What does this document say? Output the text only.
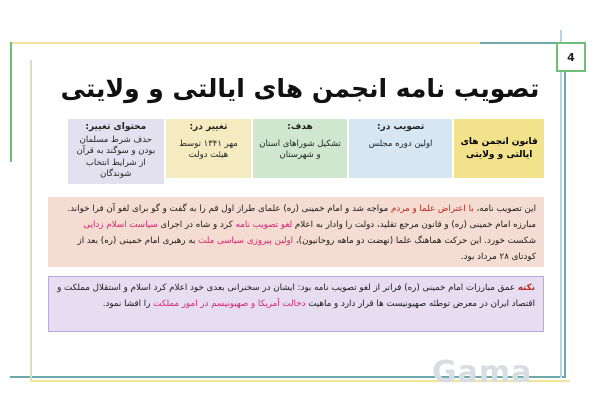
4
تصویب نامه انجمن های ایالتی و ولایتی
قانون انجمن های ایالتی و ولایتی
تصویب در:
اولین دوره مجلس
هدف:
تشکیل شوراهای استان و شهرستان
تغییر در:
مهر ۱۳۴۱ توسط هیئت دولت
محتوای تغییر:
حذف شرط مسلمان بودن و سوگند به قرآن از شرایط انتخاب شوندگان
این تصویب نامه، با اعتراض علما و مردم مواجه شد و امام خمینی (ره) علمای طراز اول قم را به گفت و گو برای لغو آن فرا خواند. مبارزه امام خمینی (ره) و قانون مرجع تقلید، دولت را وادار به اعلام لغو تصویب نامه کرد و شاه در اجرای سیاست اسلام زدایی شکست خورد. این حرکت هماهنگ علما (نهضت دو ماهه روحانیون)، اولین پیروزی سیاسی ملت به رهبری امام خمینی (ره) بعد از کودتای ۲۸ مرداد بود.
نکته عمق مبارزات امام خمینی (ره) فراتر از لغو تصویب نامه بود: ایشان در سخنرانی بعدی خود اعلام کرد اسلام و استقلال مملکت و اقتصاد ایران در معرض توطئه صهیونیست ها قرار دارد و ماهیت دخالت آمریکا و صهیونیسم در امور مملکت را افشا نمود.
Gama
